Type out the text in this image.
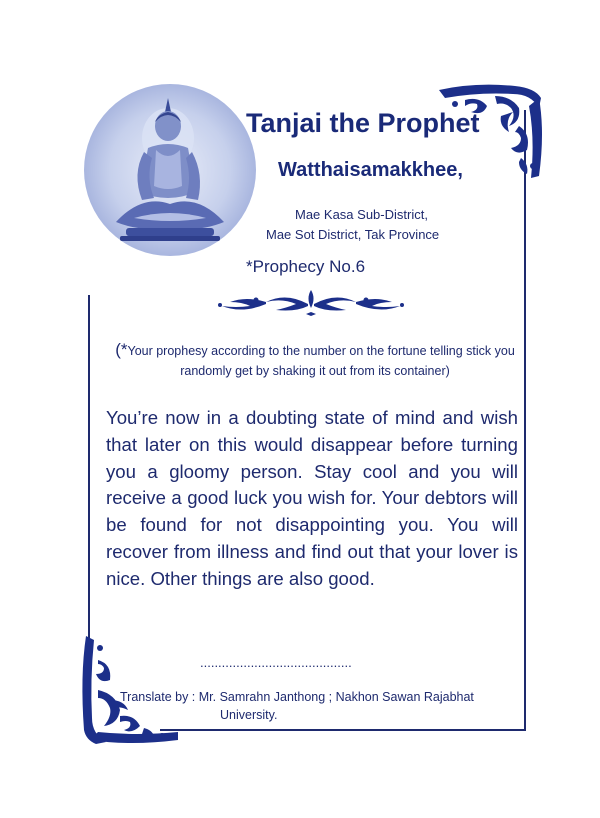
Tanjai the Prophet
Watthaisamakkhee,
Mae Kasa Sub-District,
Mae Sot District, Tak Province
*Prophecy No.6
(*Your prophesy according to the number on the fortune telling stick you randomly get by shaking it out from its container)
You’re now in a doubting state of mind and wish that later on this would disappear before turning you a gloomy person. Stay cool and you will receive a good luck you wish for. Your debtors will be found for not disappointing you. You will recover from illness and find out that your lover is nice. Other things are also good.
..........................................
Translate by : Mr. Samrahn Janthong ; Nakhon Sawan Rajabhat
University.
